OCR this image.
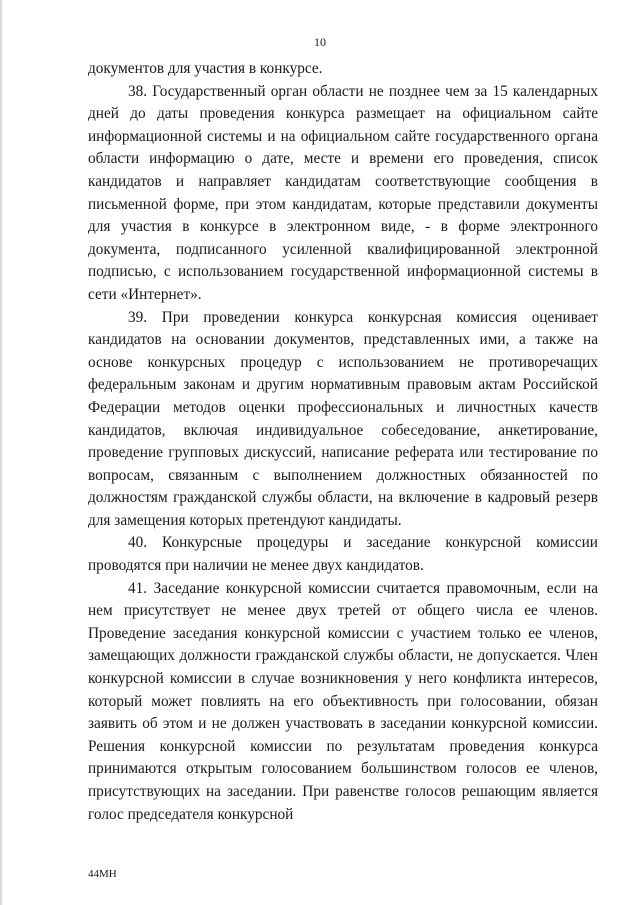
10

документов для участия в конкурсе.

38. Государственный орган области не позднее чем за 15 календарных дней до даты проведения конкурса размещает на официальном сайте информационной системы и на официальном сайте государственного органа области информацию о дате, месте и времени его проведения, список кандидатов и направляет кандидатам соответствующие сообщения в письменной форме, при этом кандидатам, которые представили документы для участия в конкурсе в электронном виде, - в форме электронного документа, подписанного усиленной квалифицированной электронной подписью, с использованием государственной информационной системы в сети «Интернет».

39. При проведении конкурса конкурсная комиссия оценивает кандидатов на основании документов, представленных ими, а также на основе конкурсных процедур с использованием не противоречащих федеральным законам и другим нормативным правовым актам Российской Федерации методов оценки профессиональных и личностных качеств кандидатов, включая индивидуальное собеседование, анкетирование, проведение групповых дискуссий, написание реферата или тестирование по вопросам, связанным с выполнением должностных обязанностей по должностям гражданской службы области, на включение в кадровый резерв для замещения которых претендуют кандидаты.

40. Конкурсные процедуры и заседание конкурсной комиссии проводятся при наличии не менее двух кандидатов.

41. Заседание конкурсной комиссии считается правомочным, если на нем присутствует не менее двух третей от общего числа ее членов. Проведение заседания конкурсной комиссии с участием только ее членов, замещающих должности гражданской службы области, не допускается. Член конкурсной комиссии в случае возникновения у него конфликта интересов, который может повлиять на его объективность при голосовании, обязан заявить об этом и не должен участвовать в заседании конкурсной комиссии. Решения конкурсной комиссии по результатам проведения конкурса принимаются открытым голосованием большинством голосов ее членов, присутствующих на заседании. При равенстве голосов решающим является голос председателя конкурсной

44МН
